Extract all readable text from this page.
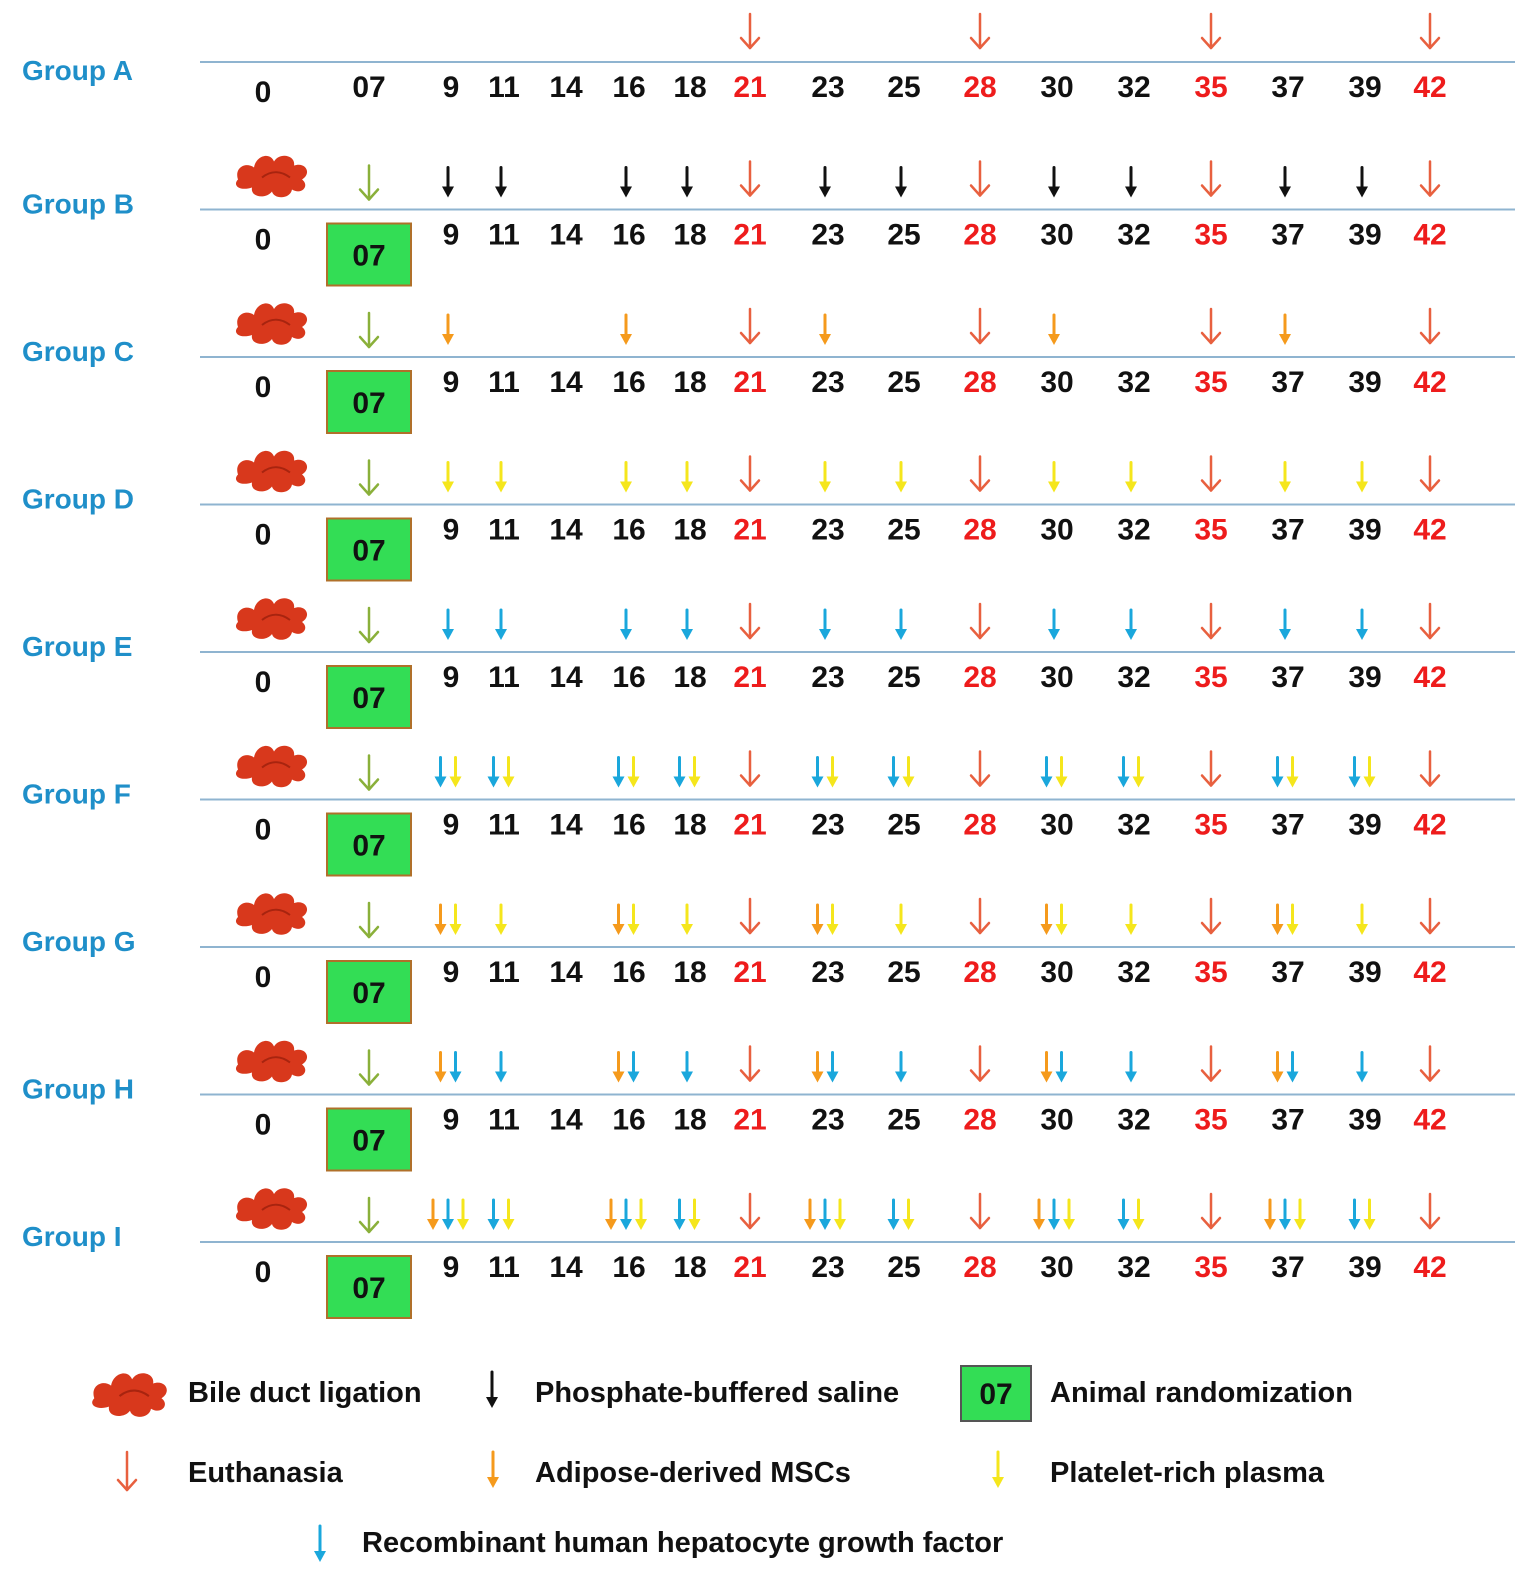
Group A
0	07 9 11 14 16 18 21 23 25 28 30 32 35 37 39 42
Group B
0	9 11 14 16 18 21 23 25 28 30 32 35 37 39 42
07
Group C
0	9 11 14 16 18 21 23 25 28 30 32 35 37 39 42
07
Group D
0	9 11 14 16 18 21 23 25 28 30 32 35 37 39 42
07
Group E
0	9 11 14 16 18 21 23 25 28 30 32 35 37 39 42
07
Group F
0	9 11 14 16 18 21 23 25 28 30 32 35 37 39 42
07
Group G
0	9 11 14 16 18 21 23 25 28 30 32 35 37 39 42
07
Group H
0	9 11 14 16 18 21 23 25 28 30 32 35 37 39 42
07
Group I
0	9 11 14 16 18 21 23 25 28 30 32 35 37 39 42
07
Bile duct ligation	Phosphate-buffered saline	07 Animal randomization
Euthanasia	Adipose-derived MSCs	Platelet-rich plasma
Recombinant human hepatocyte growth factor
